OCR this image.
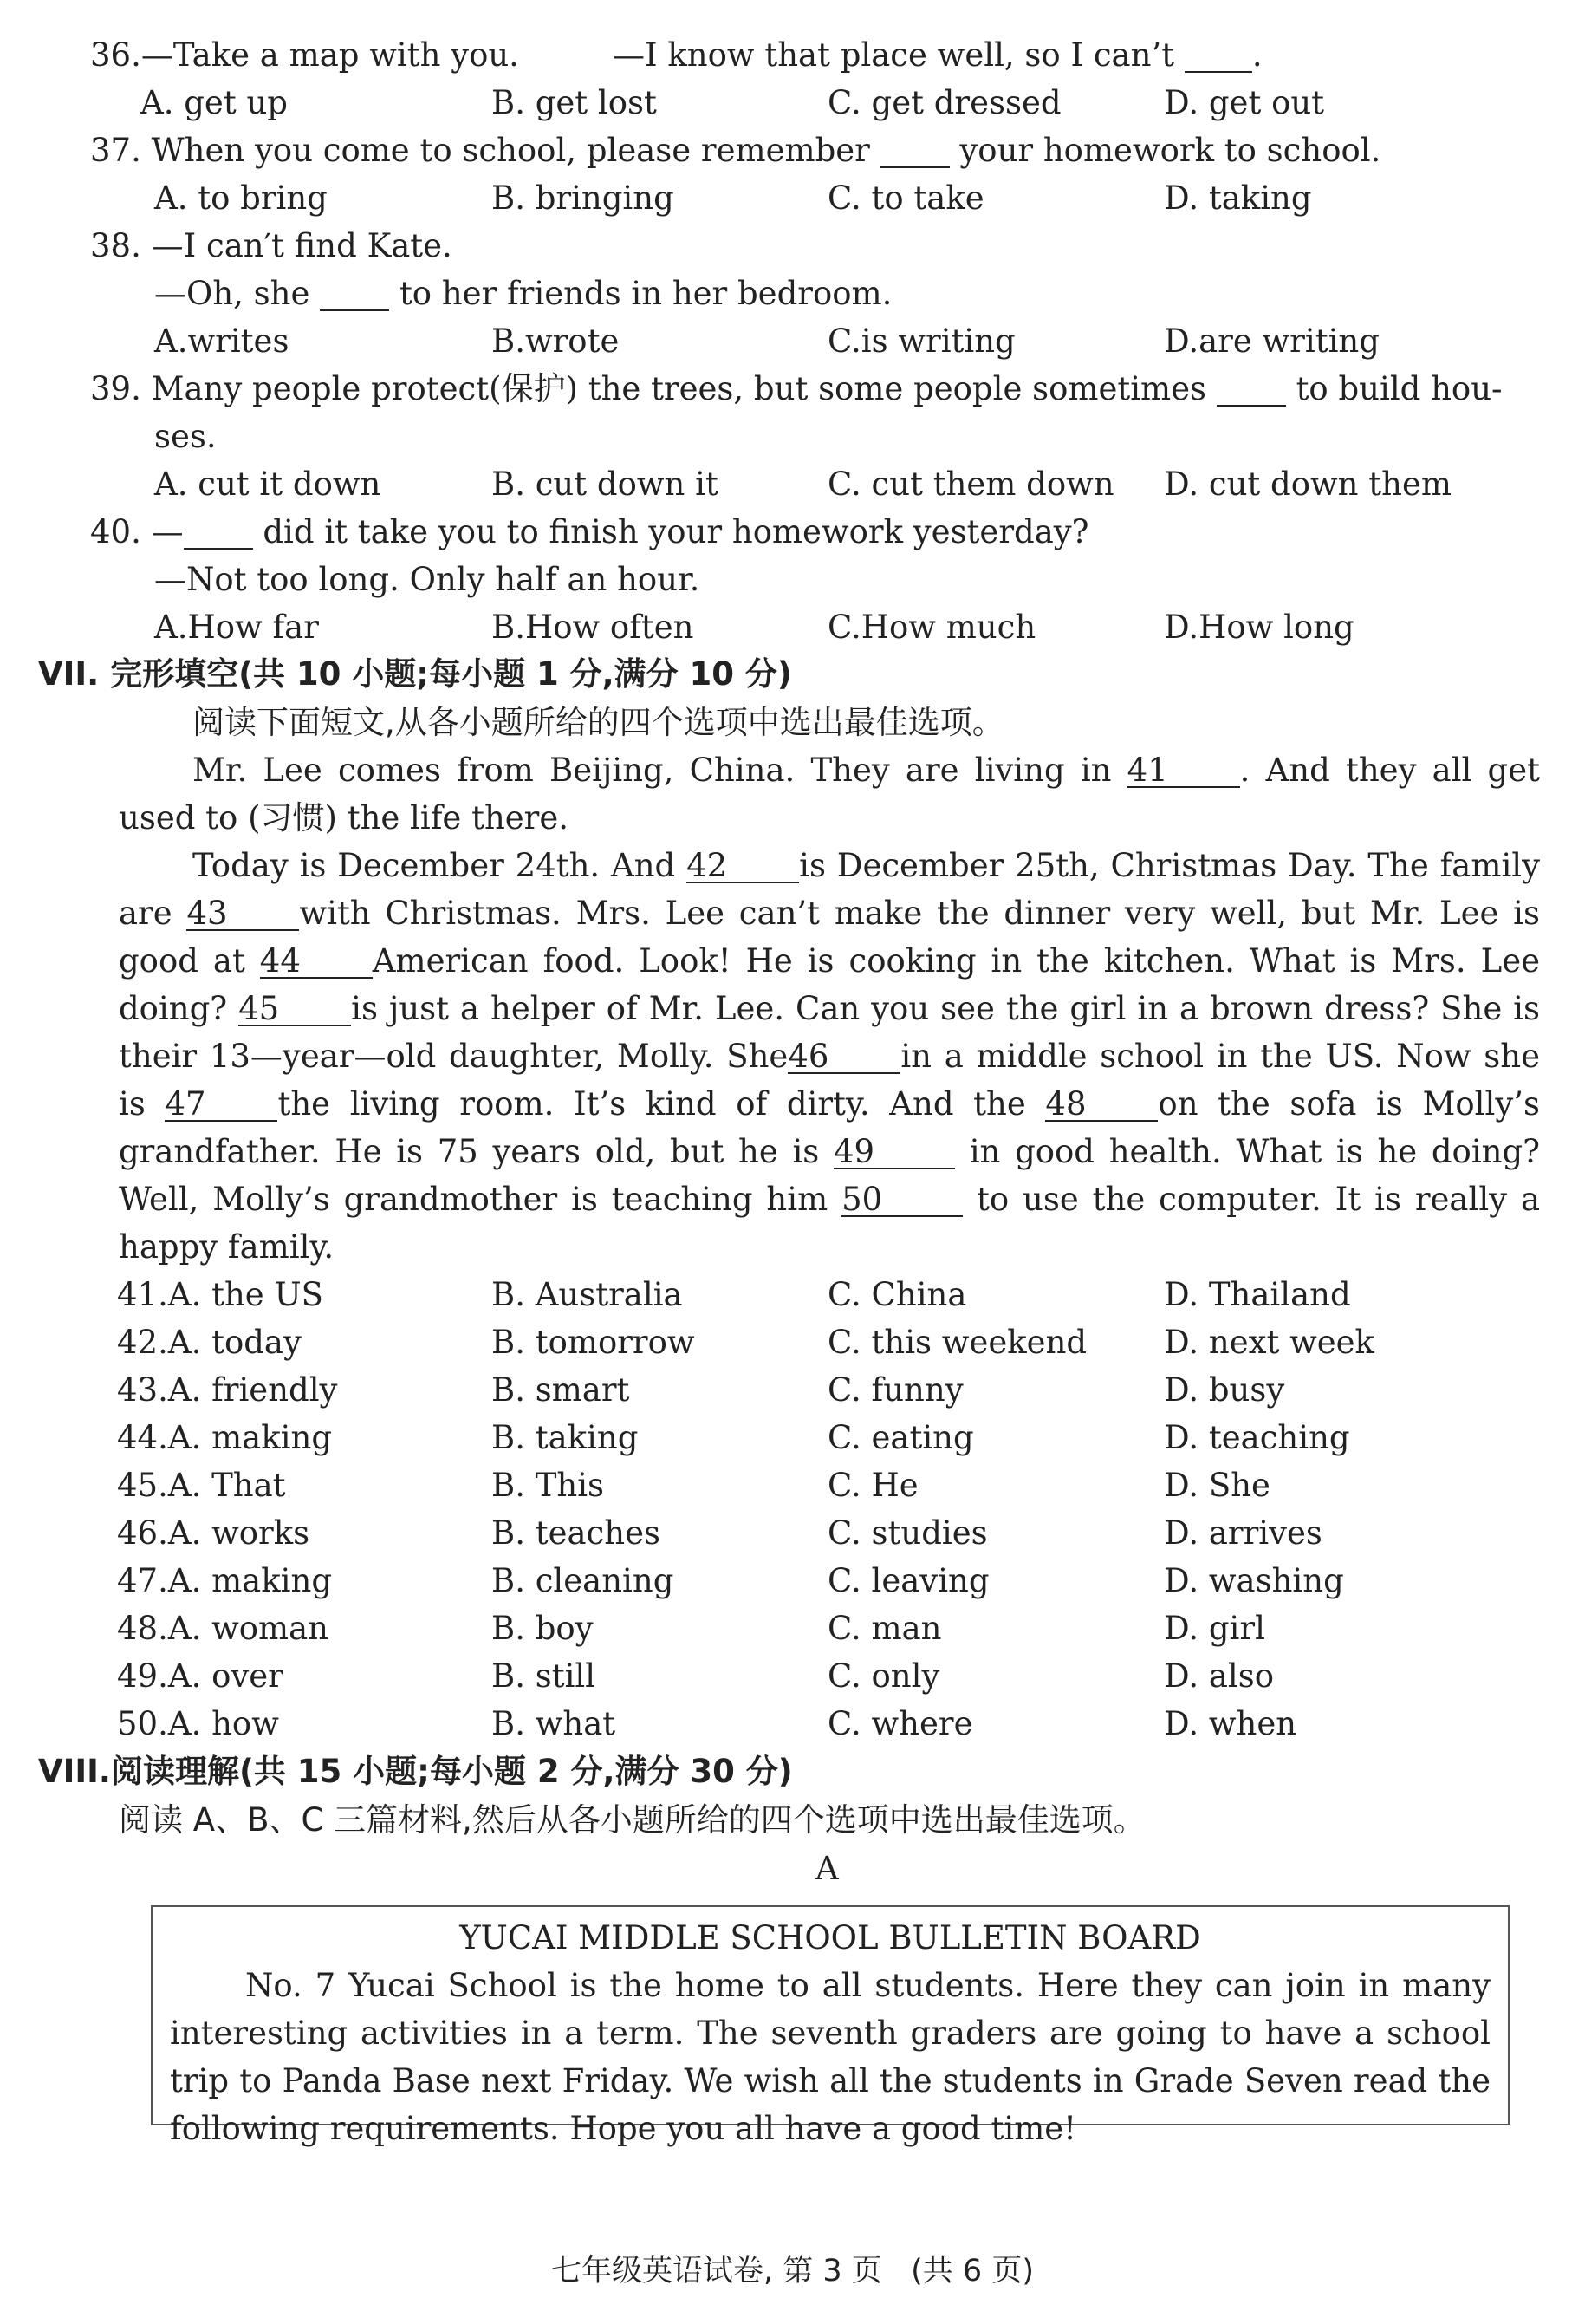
36.—Take a map with you.	—I know that place well, so I can’t .
A. get up	B. get lost	C. get dressed	D. get out
37. When you come to school, please remember	your homework to school.
A. to bring	B. bringing	C. to take	D. taking
38. —I can′t find Kate.
—Oh, she	to her friends in her bedroom.
A.writes	B.wrote	C.is writing	D.are writing
39. Many people protect(保护) the trees, but some people sometimes	to build hou-
ses.
A. cut it down	B. cut down it	C. cut them down D. cut down them
40. — did it take you to finish your homework yesterday?
—Not too long. Only half an hour.
A.How far	B.How often	C.How much	D.How long
VII. 完形填空(共 10 小题;每小题 1 分,满分 10 分)
阅读下面短文,从各小题所给的四个选项中选出最佳选项。
Mr. Lee comes from Beijing, China. They are living in 41 . And they all get
used to (习惯) the life there.
Today is December 24th. And 42 is December 25th, Christmas Day. The family
are 43 with Christmas. Mrs. Lee can’t make the dinner very well, but Mr. Lee is
good at 44 American food. Look! He is cooking in the kitchen. What is Mrs. Lee
doing? 45 is just a helper of Mr. Lee. Can you see the girl in a brown dress? She is
their 13—year—old daughter, Molly. She46 in a middle school in the US. Now she
is 47 the living room. It’s kind of dirty. And the 48 on the sofa is Molly’s
grandfather. He is 75 years old, but he is 49	in good health. What is he doing?
Well, Molly’s grandmother is teaching him 50	to use the computer. It is really a
happy family.
41.A. the US	B. Australia	C. China	D. Thailand
42.A. today	B. tomorrow	C. this weekend D. next week
43.A. friendly	B. smart	C. funny	D. busy
44.A. making	B. taking	C. eating	D. teaching
45.A. That	B. This	C. He	D. She
46.A. works	B. teaches	C. studies	D. arrives
47.A. making	B. cleaning	C. leaving	D. washing
48.A. woman	B. boy	C. man	D. girl
49.A. over	B. still	C. only	D. also
50.A. how	B. what	C. where	D. when
VIII.阅读理解(共 15 小题;每小题 2 分,满分 30 分)
阅读 A、B、C 三篇材料,然后从各小题所给的四个选项中选出最佳选项。
A
YUCAI MIDDLE SCHOOL BULLETIN BOARD
No. 7 Yucai School is the home to all students. Here they can join in many
interesting activities in a term. The seventh graders are going to have a school
trip to Panda Base next Friday. We wish all the students in Grade Seven read the
following requirements. Hope you all have a good time!
七年级英语试卷, 第 3 页   (共 6 页)
